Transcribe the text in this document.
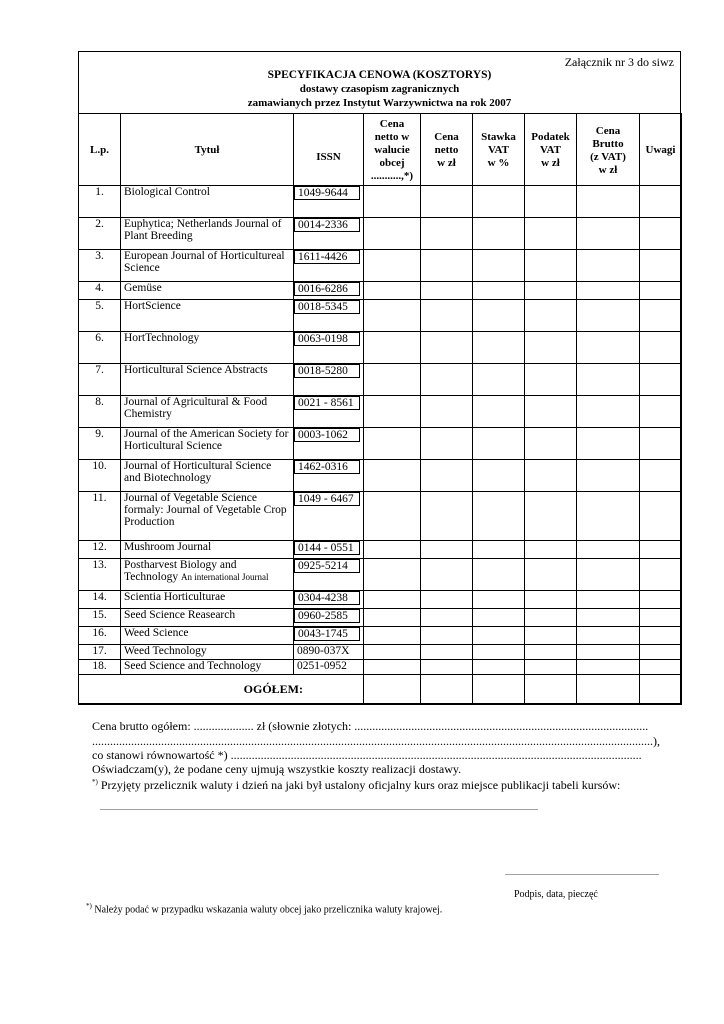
Załącznik nr 3 do siwz
SPECYFIKACJA CENOWA (KOSZTORYS)
dostawy czasopism zagranicznych
zamawianych przez Instytut Warzywnictwa na rok 2007
L.p.	Tytuł	ISSN	Cena
netto w
walucie
obcej
...........,*)	Cena
netto
w zł	Stawka
VAT
w %	Podatek
VAT
w zł	Cena
Brutto
(z VAT)
w zł	Uwagi
1.	Biological Control	1049-9644						
2.	Euphytica; Netherlands Journal of Plant Breeding	0014-2336						
3.	European Journal of Horticultureal Science	1611-4426						
4.	Gemüse	0016-6286						
5.	HortScience	0018-5345						
6.	HortTechnology	0063-0198						
7.	Horticultural Science Abstracts	0018-5280						
8.	Journal of Agricultural & Food Chemistry	0021 - 8561						
9.	Journal of the American Society for Horticultural Science	0003-1062						
10.	Journal of Horticultural Science and Biotechnology	1462-0316						
11.	Journal of Vegetable Science formaly: Journal of Vegetable Crop Production	1049 - 6467						
12.	Mushroom Journal	0144 - 0551						
13.	Postharvest Biology and Technology An international Journal	0925-5214						
14.	Scientia Horticulturae	0304-4238						
15.	Seed Science Reasearch	0960-2585						
16.	Weed Science	0043-1745						
17.	Weed Technology	0890-037X						
18.	Seed Science and Technology	0251-0952						
OGÓŁEM:								
Cena brutto ogółem: .................... zł (słownie złotych: ..................................................................................................
...........................................................................................................................................................................................),
co stanowi równowartość *) .........................................................................................................................................
Oświadczam(y), że podane ceny ujmują wszystkie koszty realizacji dostawy.
*) Przyjęty przelicznik waluty i dzień na jaki był ustalony oficjalny kurs oraz miejsce publikacji tabeli kursów:
...........................................................................................................................................................................................................................
.............................................................................
Podpis, data, pieczęć
*) Należy podać w przypadku wskazania waluty obcej jako przelicznika waluty krajowej.
